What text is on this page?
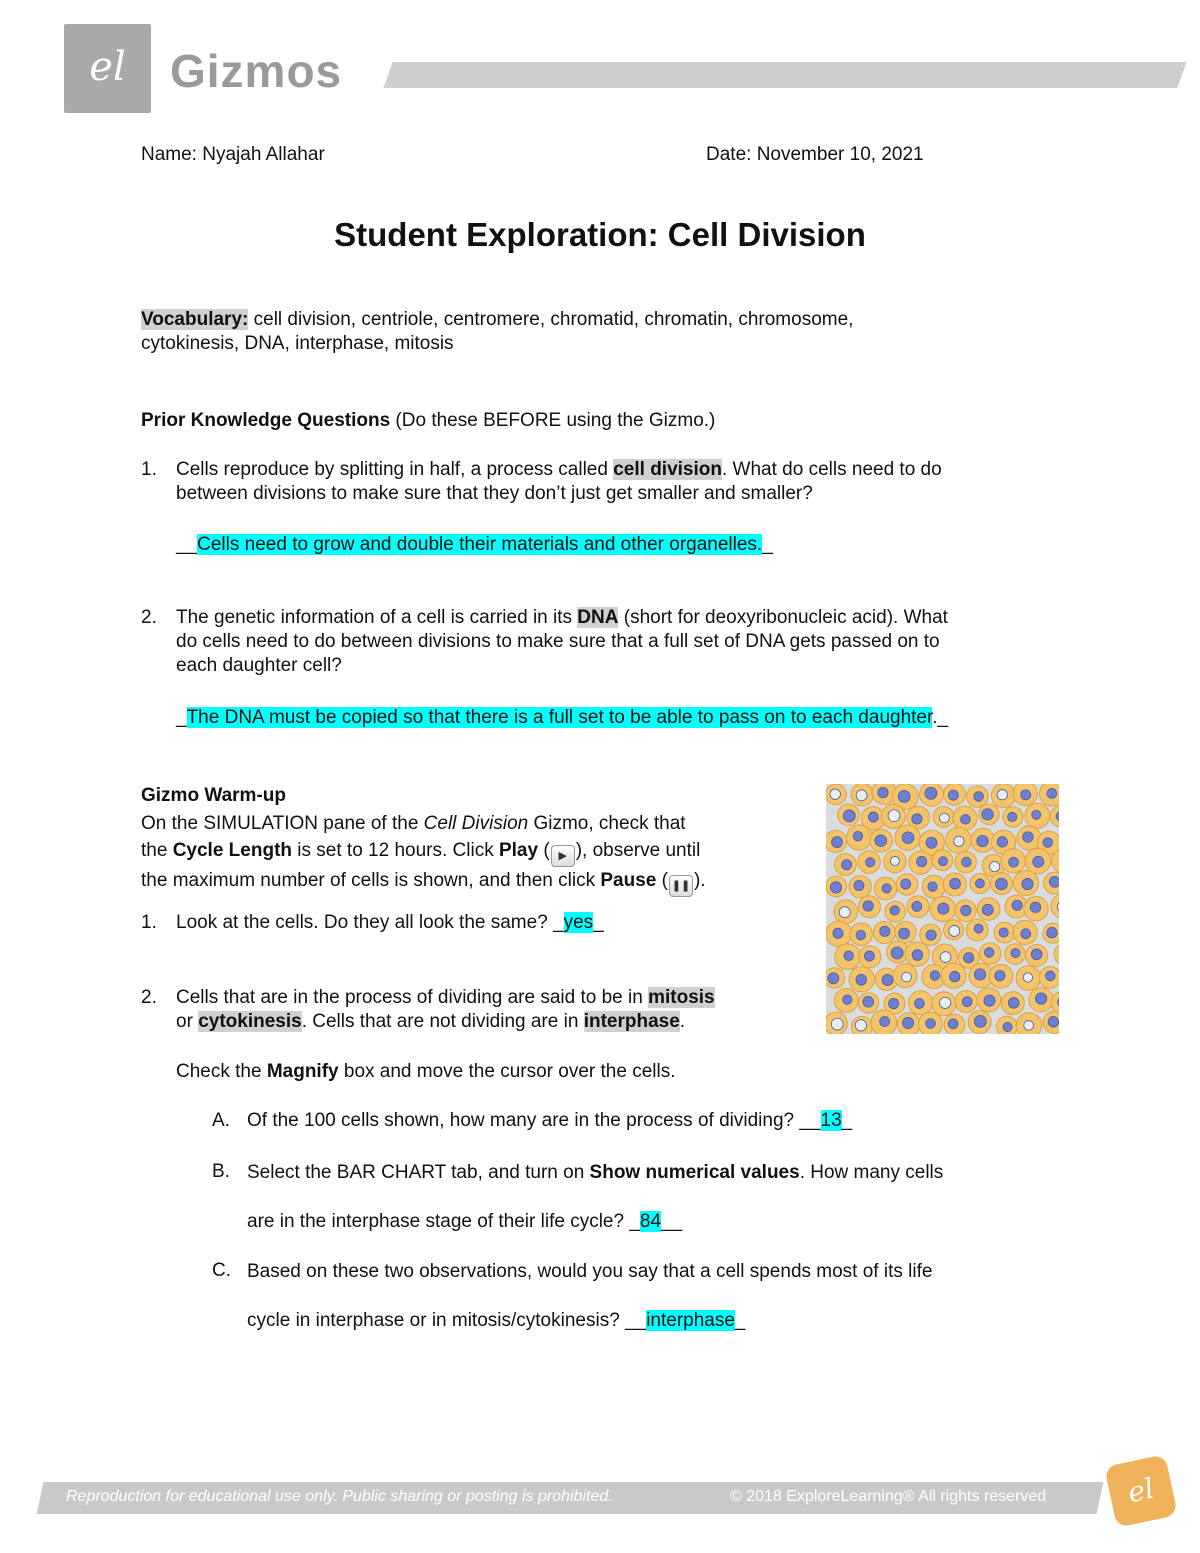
el Gizmos
Name: Nyajah Allahar	Date: November 10, 2021
Student Exploration: Cell Division
Vocabulary: cell division, centriole, centromere, chromatid, chromatin, chromosome,
cytokinesis, DNA, interphase, mitosis
Prior Knowledge Questions (Do these BEFORE using the Gizmo.)
1. Cells reproduce by splitting in half, a process called cell division. What do cells need to do
between divisions to make sure that they don’t just get smaller and smaller?
__Cells need to grow and double their materials and other organelles._
2. The genetic information of a cell is carried in its DNA (short for deoxyribonucleic acid). What
do cells need to do between divisions to make sure that a full set of DNA gets passed on to
each daughter cell?
_The DNA must be copied so that there is a full set to be able to pass on to each daughter._
Gizmo Warm-up
On the SIMULATION pane of the Cell Division Gizmo, check that
the Cycle Length is set to 12 hours. Click Play ( ▶ ), observe until
the maximum number of cells is shown, and then click Pause ( ❚❚ ).
1. Look at the cells. Do they all look the same? _yes_
2. Cells that are in the process of dividing are said to be in mitosis
or cytokinesis. Cells that are not dividing are in interphase.
Check the Magnify box and move the cursor over the cells.
A. Of the 100 cells shown, how many are in the process of dividing? __13_
B. Select the BAR CHART tab, and turn on Show numerical values. How many cells
are in the interphase stage of their life cycle? _84__
C. Based on these two observations, would you say that a cell spends most of its life
cycle in interphase or in mitosis/cytokinesis? __interphase_
Reproduction for educational use only. Public sharing or posting is prohibited.	© 2018 ExploreLearning® All rights reserved	el
